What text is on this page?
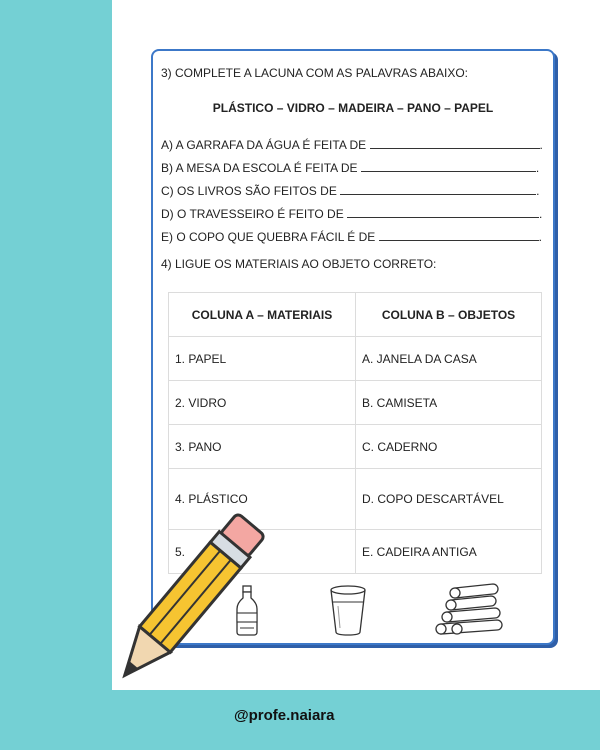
3) COMPLETE A LACUNA COM AS PALAVRAS ABAIXO:
PLÁSTICO – VIDRO – MADEIRA – PANO – PAPEL
A) A GARRAFA DA ÁGUA É FEITA DE	.
B) A MESA DA ESCOLA É FEITA DE	.
C) OS LIVROS SÃO FEITOS DE	.
D) O TRAVESSEIRO É FEITO DE	.
E) O COPO QUE QUEBRA FÁCIL É DE	.
4) LIGUE OS MATERIAIS AO OBJETO CORRETO:
COLUNA A – MATERIAIS	COLUNA B – OBJETOS
1. PAPEL	A. JANELA DA CASA
2. VIDRO	B. CAMISETA
3. PANO	C. CADERNO
4. PLÁSTICO	D. COPO DESCARTÁVEL
5.	E. CADEIRA ANTIGA
@profe.naiara
